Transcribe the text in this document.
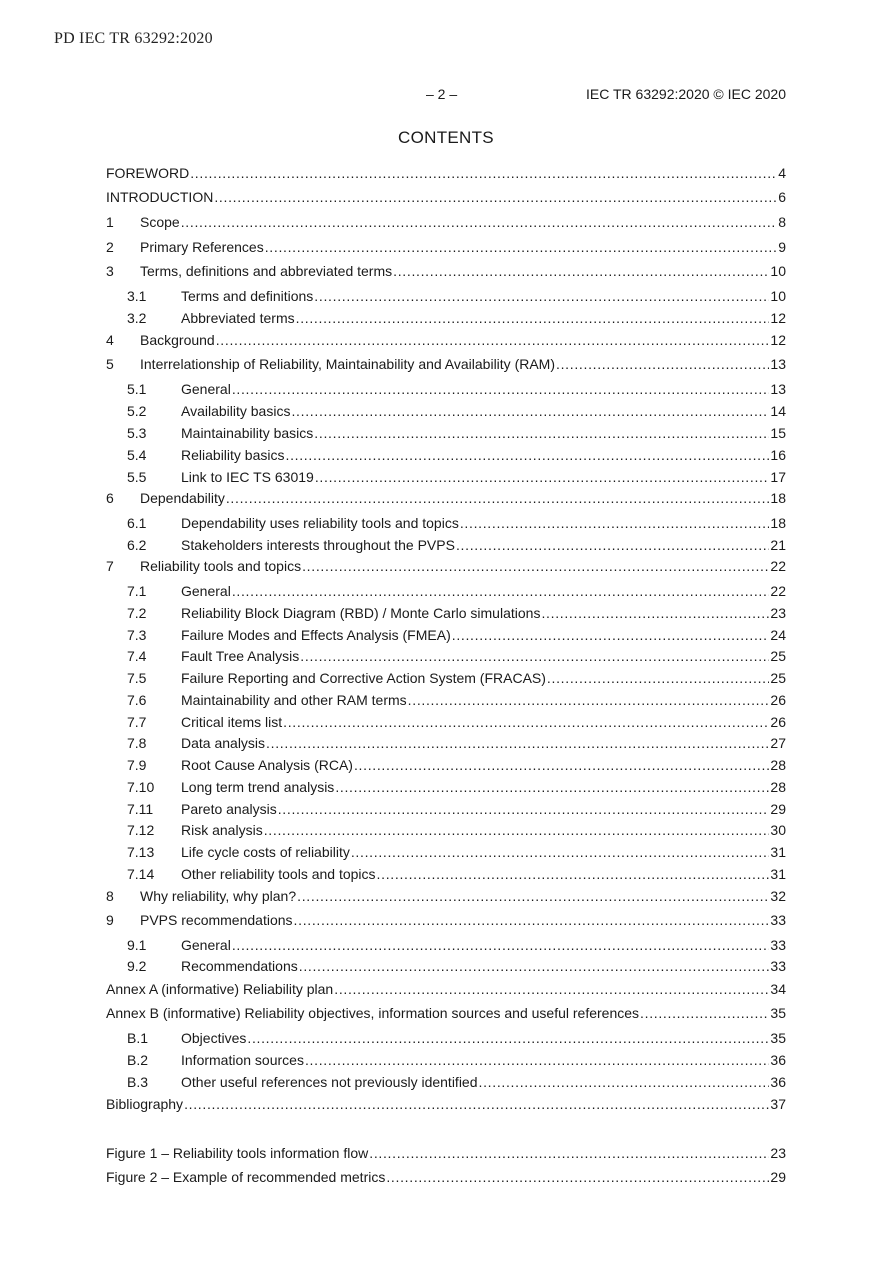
PD IEC TR 63292:2020
– 2 –	IEC TR 63292:2020 © IEC 2020
CONTENTS
FOREWORD . . .	4
INTRODUCTION . . .	6
1	Scope . . .	8
2	Primary References . . .	9
3	Terms, definitions and abbreviated terms . . .	10
3.1	Terms and definitions . . .	10
3.2	Abbreviated terms . . .	12
4	Background . . .	12
5	Interrelationship of Reliability, Maintainability and Availability (RAM) . . .	13
5.1	General . . .	13
5.2	Availability basics . . .	14
5.3	Maintainability basics . . .	15
5.4	Reliability basics . . .	16
5.5	Link to IEC TS 63019 . . .	17
6	Dependability . . .	18
6.1	Dependability uses reliability tools and topics . . .	18
6.2	Stakeholders interests throughout the PVPS . . .	21
7	Reliability tools and topics . . .	22
7.1	General . . .	22
7.2	Reliability Block Diagram (RBD) / Monte Carlo simulations . . .	23
7.3	Failure Modes and Effects Analysis (FMEA) . . .	24
7.4	Fault Tree Analysis . . .	25
7.5	Failure Reporting and Corrective Action System (FRACAS) . . .	25
7.6	Maintainability and other RAM terms . . .	26
7.7	Critical items list . . .	26
7.8	Data analysis . . .	27
7.9	Root Cause Analysis (RCA) . . .	28
7.10	Long term trend analysis . . .	28
7.11	Pareto analysis . . .	29
7.12	Risk analysis . . .	30
7.13	Life cycle costs of reliability . . .	31
7.14	Other reliability tools and topics . . .	31
8	Why reliability, why plan? . . .	32
9	PVPS recommendations . . .	33
9.1	General . . .	33
9.2	Recommendations . . .	33
Annex A (informative) Reliability plan . . .	34
Annex B (informative) Reliability objectives, information sources and useful references . . .	35
B.1	Objectives . . .	35
B.2	Information sources . . .	36
B.3	Other useful references not previously identified . . .	36
Bibliography . . .	37
Figure 1 – Reliability tools information flow . . .	23
Figure 2 – Example of recommended metrics . . .	29
